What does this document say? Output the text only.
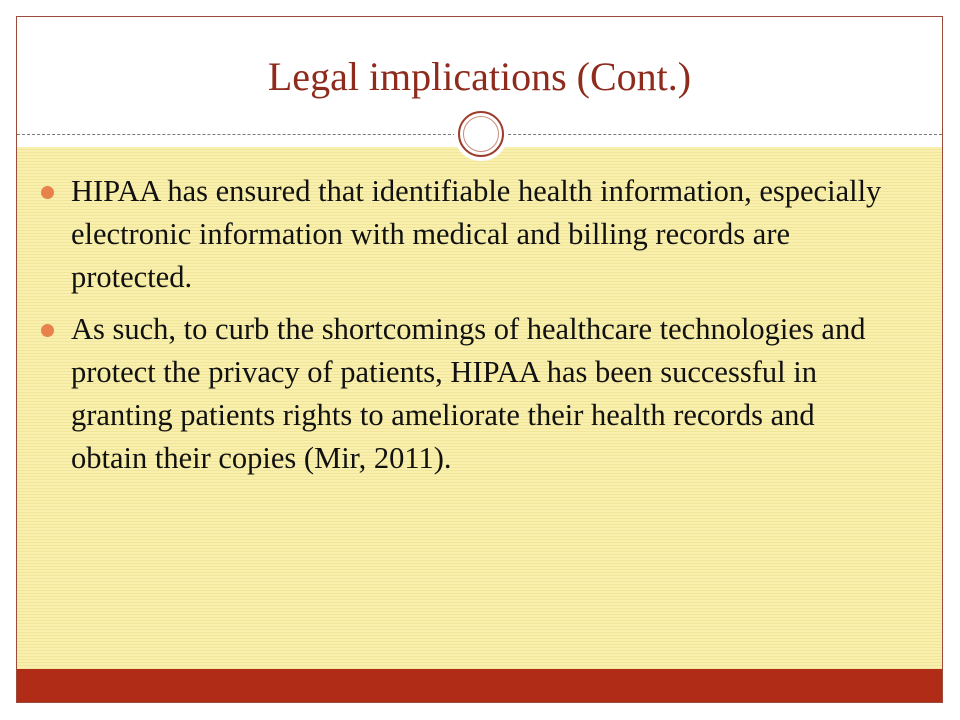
Legal implications (Cont.)
HIPAA has ensured that identifiable health information, especially electronic information with medical and billing records are protected.
As such, to curb the shortcomings of healthcare technologies and protect the privacy of patients, HIPAA has been successful in granting patients rights to ameliorate their health records and obtain their copies (Mir, 2011).
